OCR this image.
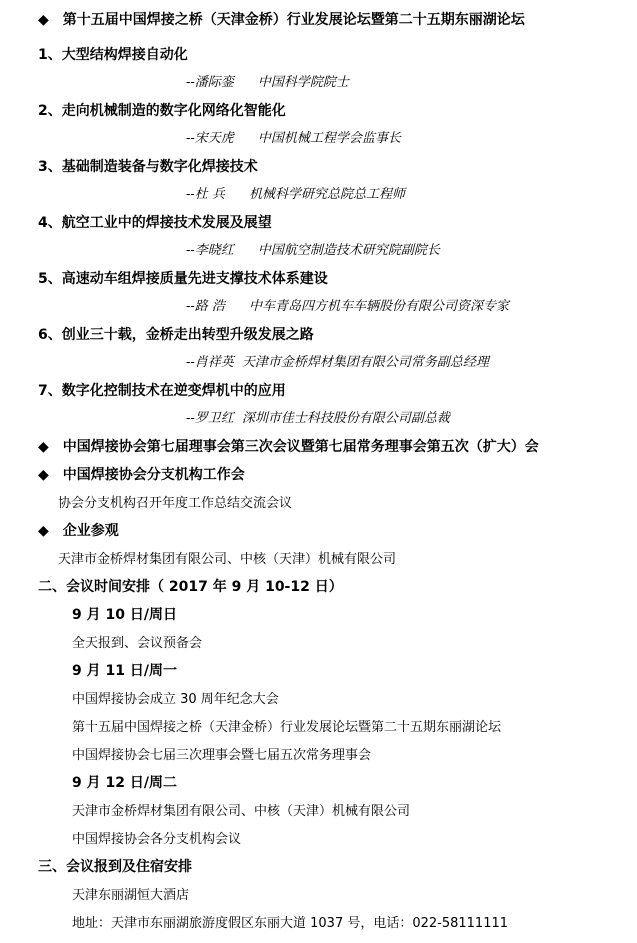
◆ 第十五届中国焊接之桥（天津金桥）行业发展论坛暨第二十五期东丽湖论坛
1、大型结构焊接自动化
--潘际銮 中国科学院院士
2、走向机械制造的数字化网络化智能化
--宋天虎 中国机械工程学会监事长
3、基础制造装备与数字化焊接技术
--杜 兵 机械科学研究总院总工程师
4、航空工业中的焊接技术发展及展望
--李晓红 中国航空制造技术研究院副院长
5、高速动车组焊接质量先进支撑技术体系建设
--路 浩 中车青岛四方机车车辆股份有限公司资深专家
6、创业三十载，金桥走出转型升级发展之路
--肖祥英 天津市金桥焊材集团有限公司常务副总经理
7、数字化控制技术在逆变焊机中的应用
--罗卫红 深圳市佳士科技股份有限公司副总裁
◆ 中国焊接协会第七届理事会第三次会议暨第七届常务理事会第五次（扩大）会
◆ 中国焊接协会分支机构工作会
协会分支机构召开年度工作总结交流会议
◆ 企业参观
天津市金桥焊材集团有限公司、中核（天津）机械有限公司
二、会议时间安排（ 2017 年 9 月 10-12 日）
9 月 10 日/周日
全天报到、会议预备会
9 月 11 日/周一
中国焊接协会成立 30 周年纪念大会
第十五届中国焊接之桥（天津金桥）行业发展论坛暨第二十五期东丽湖论坛
中国焊接协会七届三次理事会暨七届五次常务理事会
9 月 12 日/周二
天津市金桥焊材集团有限公司、中核（天津）机械有限公司
中国焊接协会各分支机构会议
三、会议报到及住宿安排
天津东丽湖恒大酒店
地址：天津市东丽湖旅游度假区东丽大道 1037 号，电话：022-58111111
